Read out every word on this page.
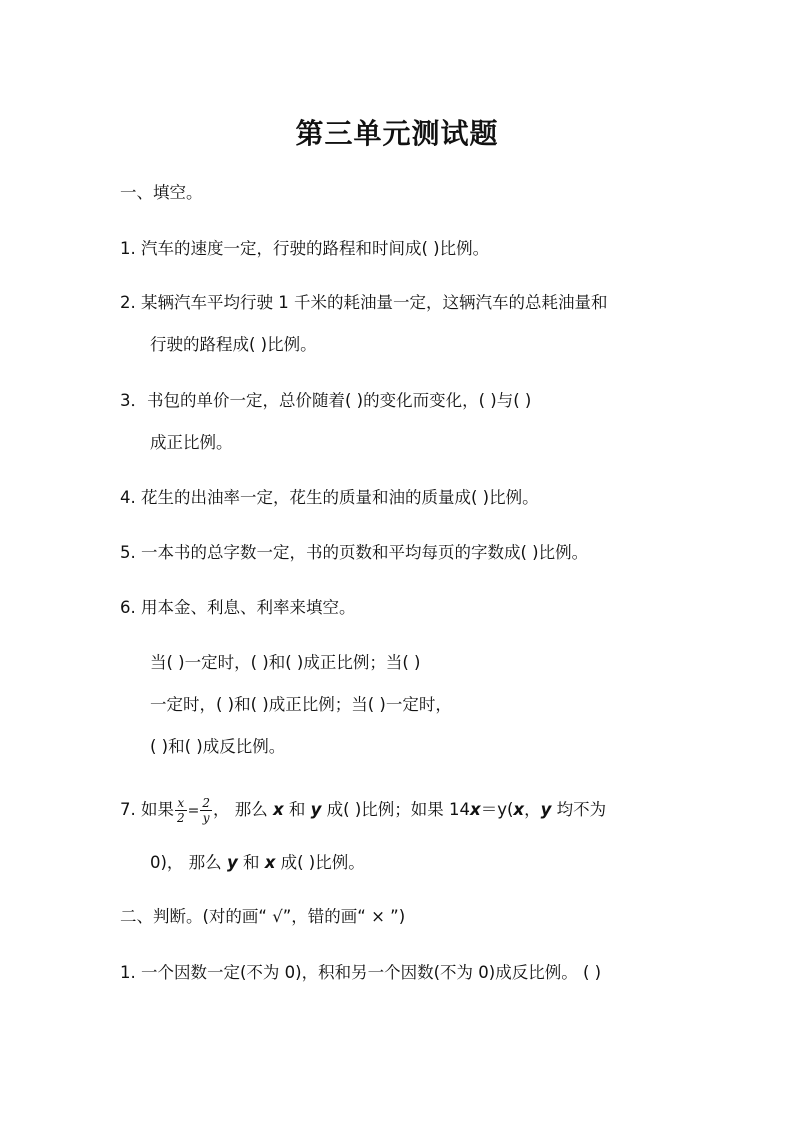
第三单元测试题
一、填空。
1. 汽车的速度一定，行驶的路程和时间成( )比例。
2. 某辆汽车平均行驶 1 千米的耗油量一定，这辆汽车的总耗油量和
行驶的路程成( )比例。
3．书包的单价一定，总价随着( )的变化而变化，( )与( )
成正比例。
4. 花生的出油率一定，花生的质量和油的质量成( )比例。
5. 一本书的总字数一定，书的页数和平均每页的字数成( )比例。
6. 用本金、利息、利率来填空。
当( )一定时，( )和( )成正比例；当( )
一定时，( )和( )成正比例；当( )一定时，
( )和( )成反比例。
7. 如果 $\frac{x}{2} = \frac{2}{y}$ ， 那么 x 和 y 成( )比例；如果 14x＝y(x，y 均不为
0)， 那么 y 和 x 成( )比例。
二、判断。(对的画“ √”，错的画“ × ”)
1. 一个因数一定(不为 0)，积和另一个因数(不为 0)成反比例。 ( )
